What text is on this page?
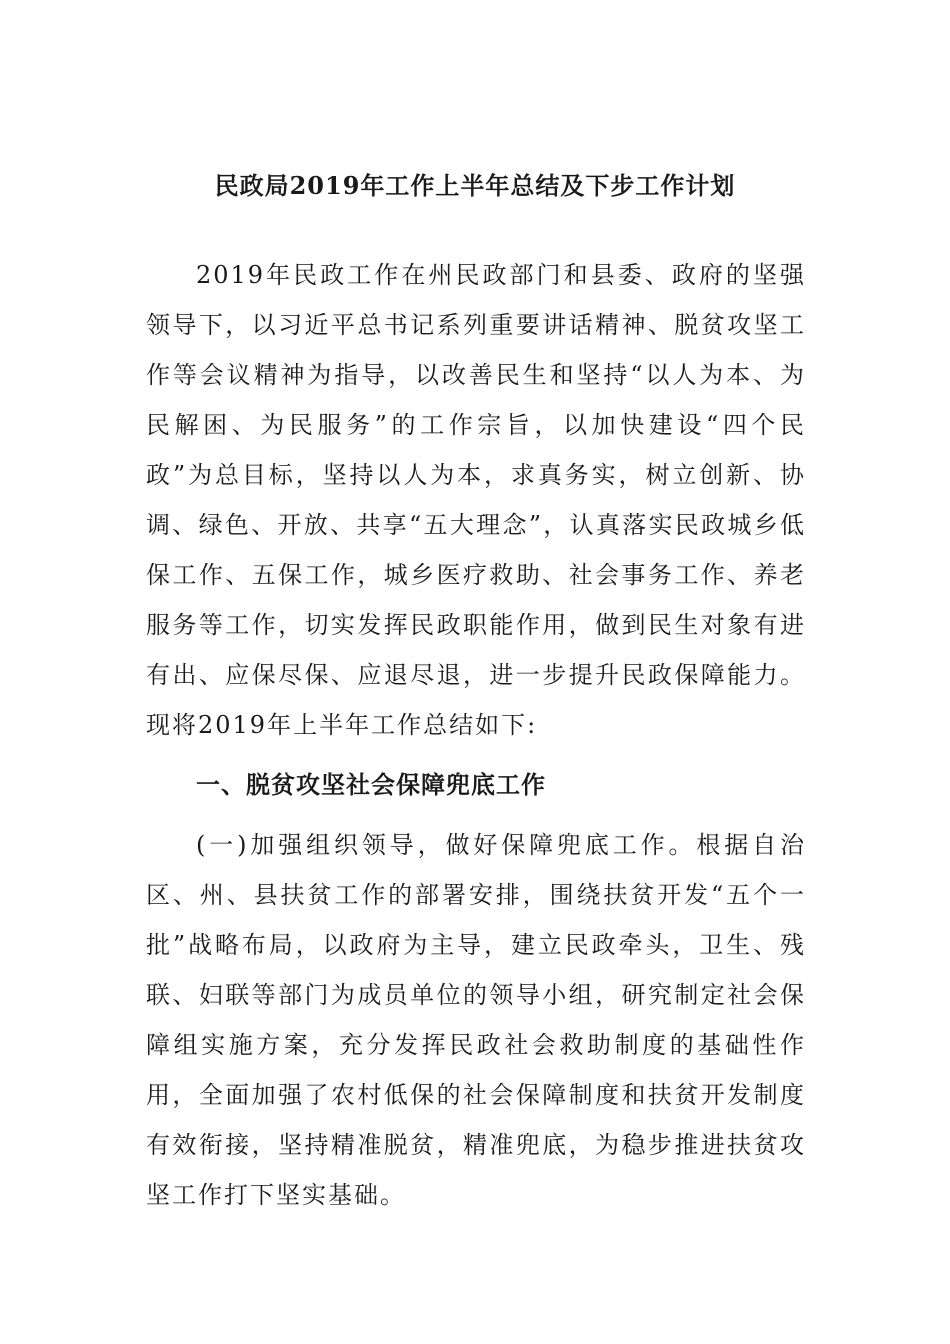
民政局2019年工作上半年总结及下步工作计划

2019年民政工作在州民政部门和县委、政府的坚强领导下，以习近平总书记系列重要讲话精神、脱贫攻坚工作等会议精神为指导，以改善民生和坚持“以人为本、为民解困、为民服务”的工作宗旨，以加快建设“四个民政”为总目标，坚持以人为本，求真务实，树立创新、协调、绿色、开放、共享“五大理念”，认真落实民政城乡低保工作、五保工作，城乡医疗救助、社会事务工作、养老服务等工作，切实发挥民政职能作用，做到民生对象有进有出、应保尽保、应退尽退，进一步提升民政保障能力。现将2019年上半年工作总结如下:

一、脱贫攻坚社会保障兜底工作

(一)加强组织领导，做好保障兜底工作。根据自治区、州、县扶贫工作的部署安排，围绕扶贫开发“五个一批”战略布局，以政府为主导，建立民政牵头，卫生、残联、妇联等部门为成员单位的领导小组，研究制定社会保障组实施方案，充分发挥民政社会救助制度的基础性作用，全面加强了农村低保的社会保障制度和扶贫开发制度有效衔接，坚持精准脱贫，精准兜底，为稳步推进扶贫攻坚工作打下坚实基础。
